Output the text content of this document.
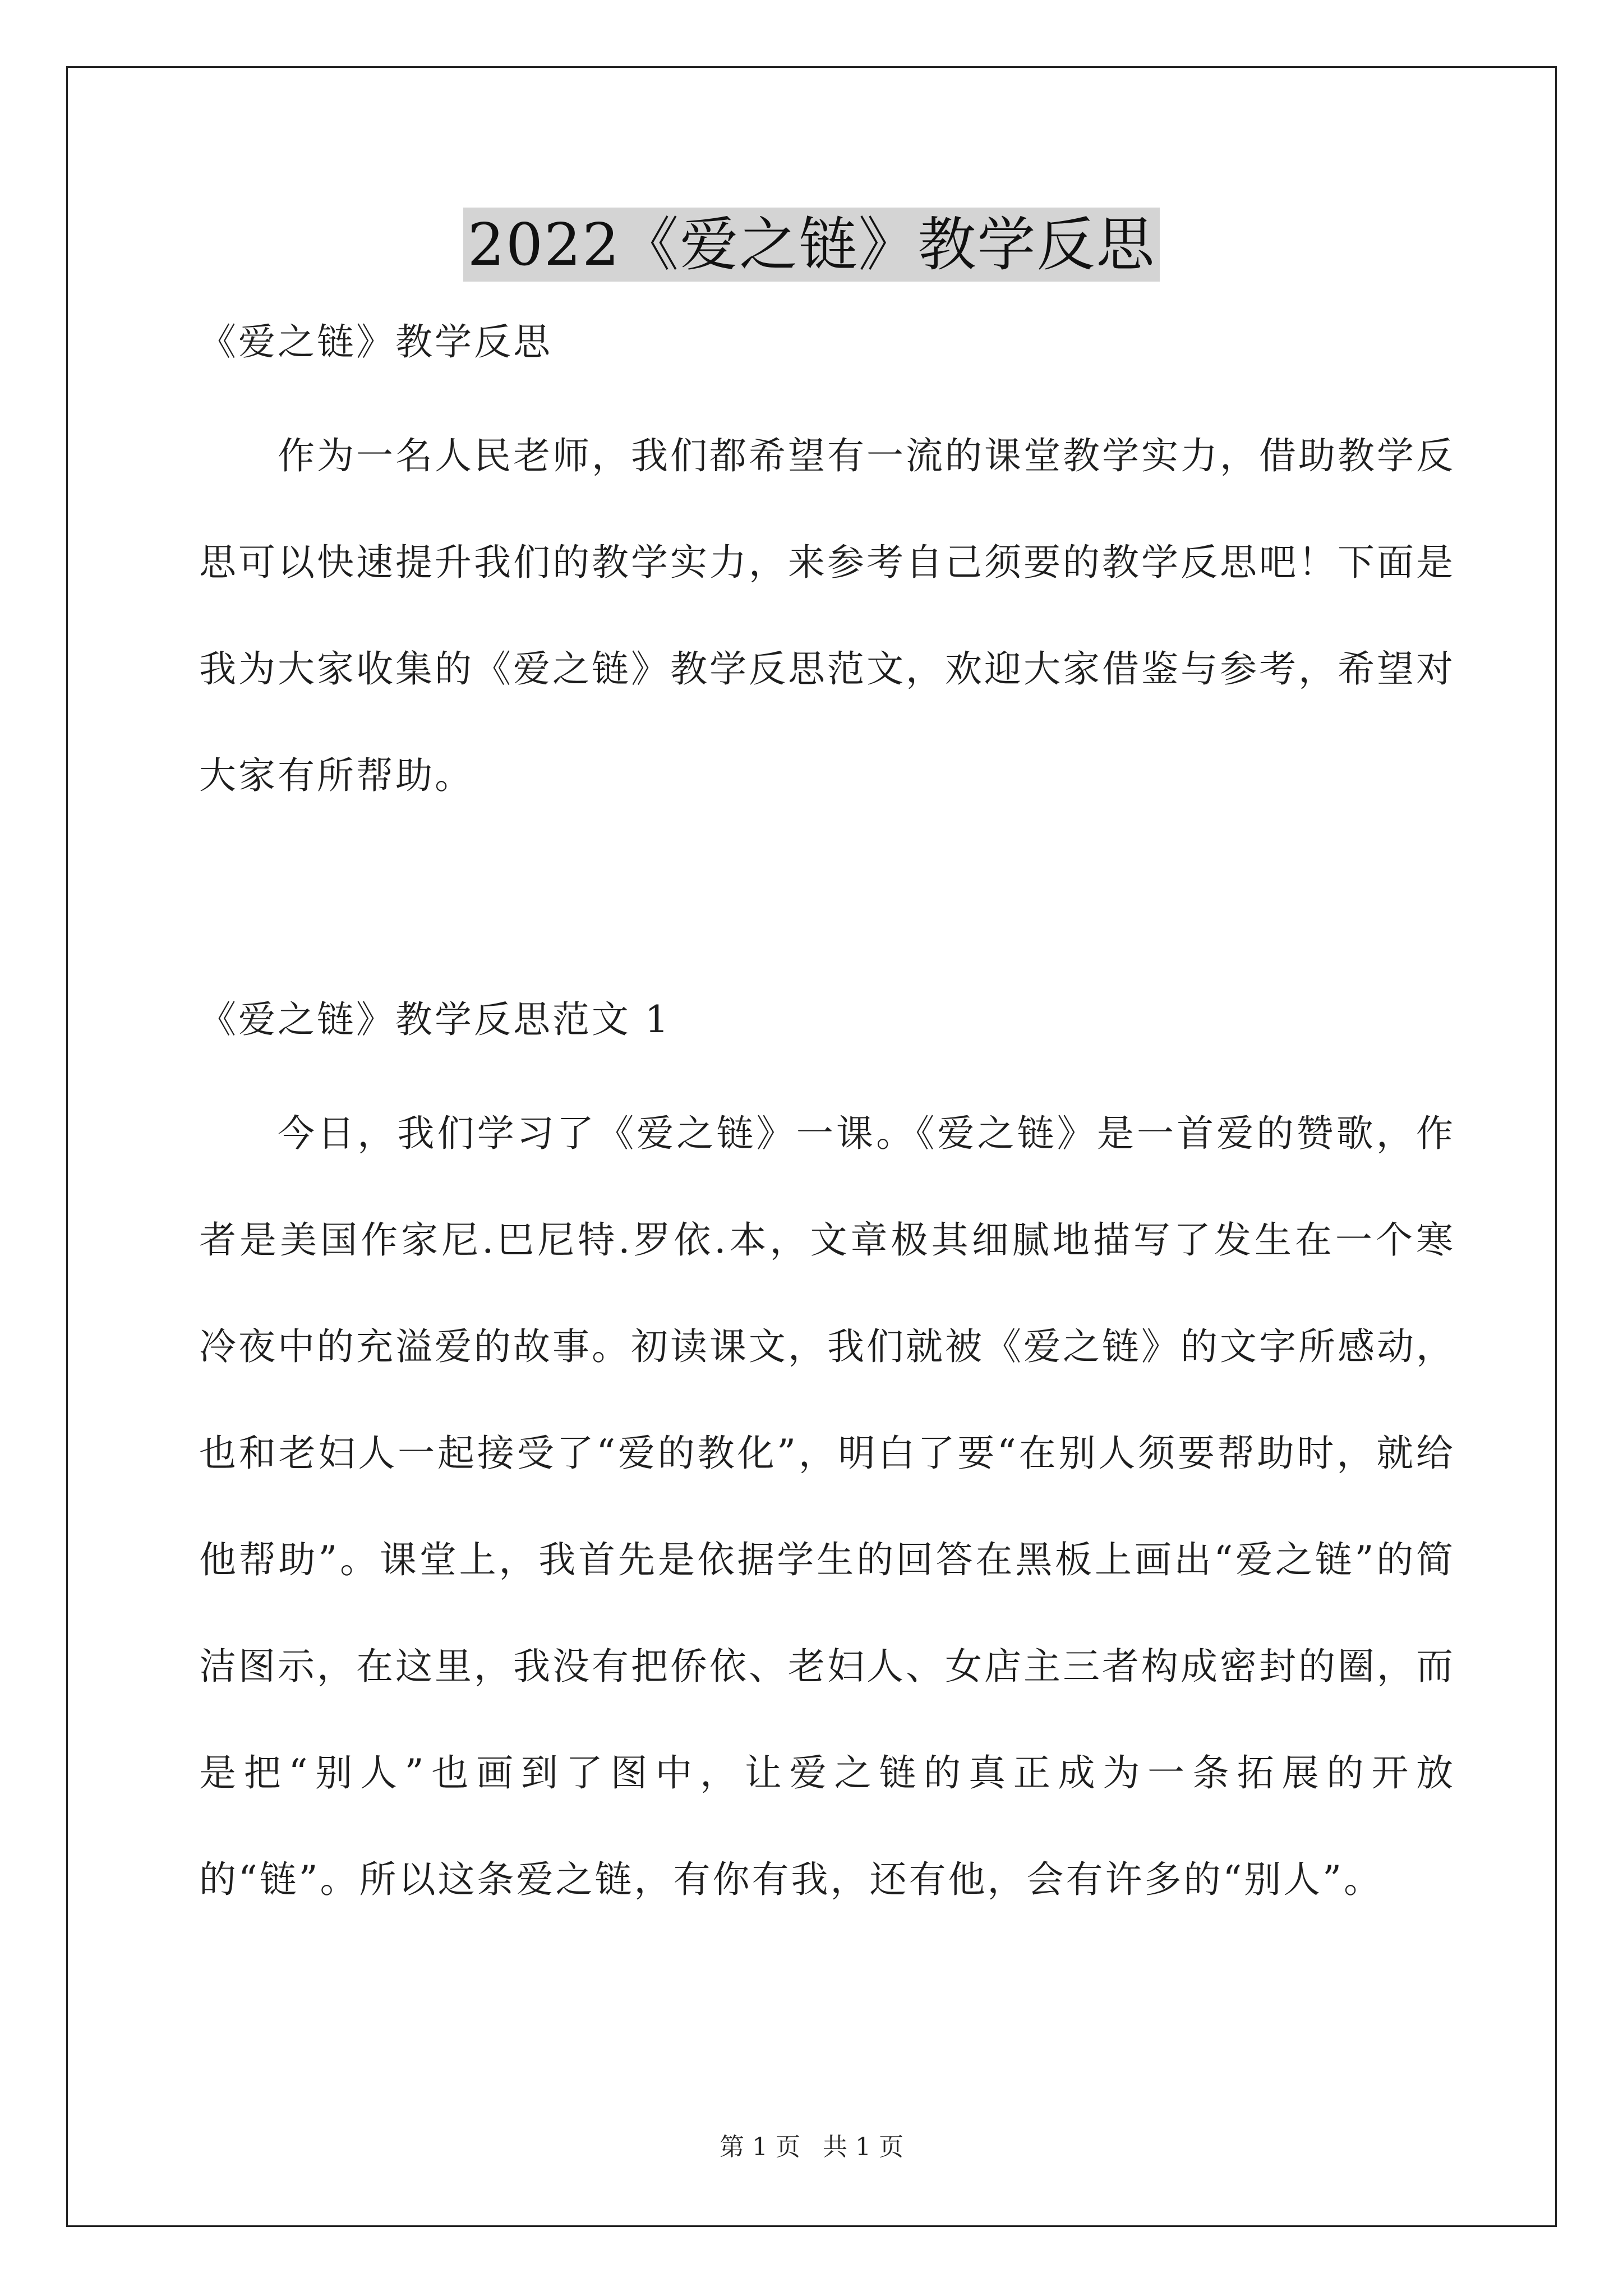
2022《爱之链》教学反思

《爱之链》教学反思

作为一名人民老师，我们都希望有一流的课堂教学实力，借助教学反思可以快速提升我们的教学实力，来参考自己须要的教学反思吧！下面是我为大家收集的《爱之链》教学反思范文，欢迎大家借鉴与参考，希望对大家有所帮助。

《爱之链》教学反思范文 1

今日，我们学习了《爱之链》一课。《爱之链》是一首爱的赞歌，作者是美国作家尼.巴尼特.罗依.本，文章极其细腻地描写了发生在一个寒冷夜中的充溢爱的故事。初读课文，我们就被《爱之链》的文字所感动，也和老妇人一起接受了“爱的教化”，明白了要“在别人须要帮助时，就给他帮助”。课堂上，我首先是依据学生的回答在黑板上画出“爱之链”的简洁图示，在这里，我没有把侨依、老妇人、女店主三者构成密封的圈，而是把“别人”也画到了图中，让爱之链的真正成为一条拓展的开放的“链”。所以这条爱之链，有你有我，还有他，会有许多的“别人”。

第 1 页 共 1 页
